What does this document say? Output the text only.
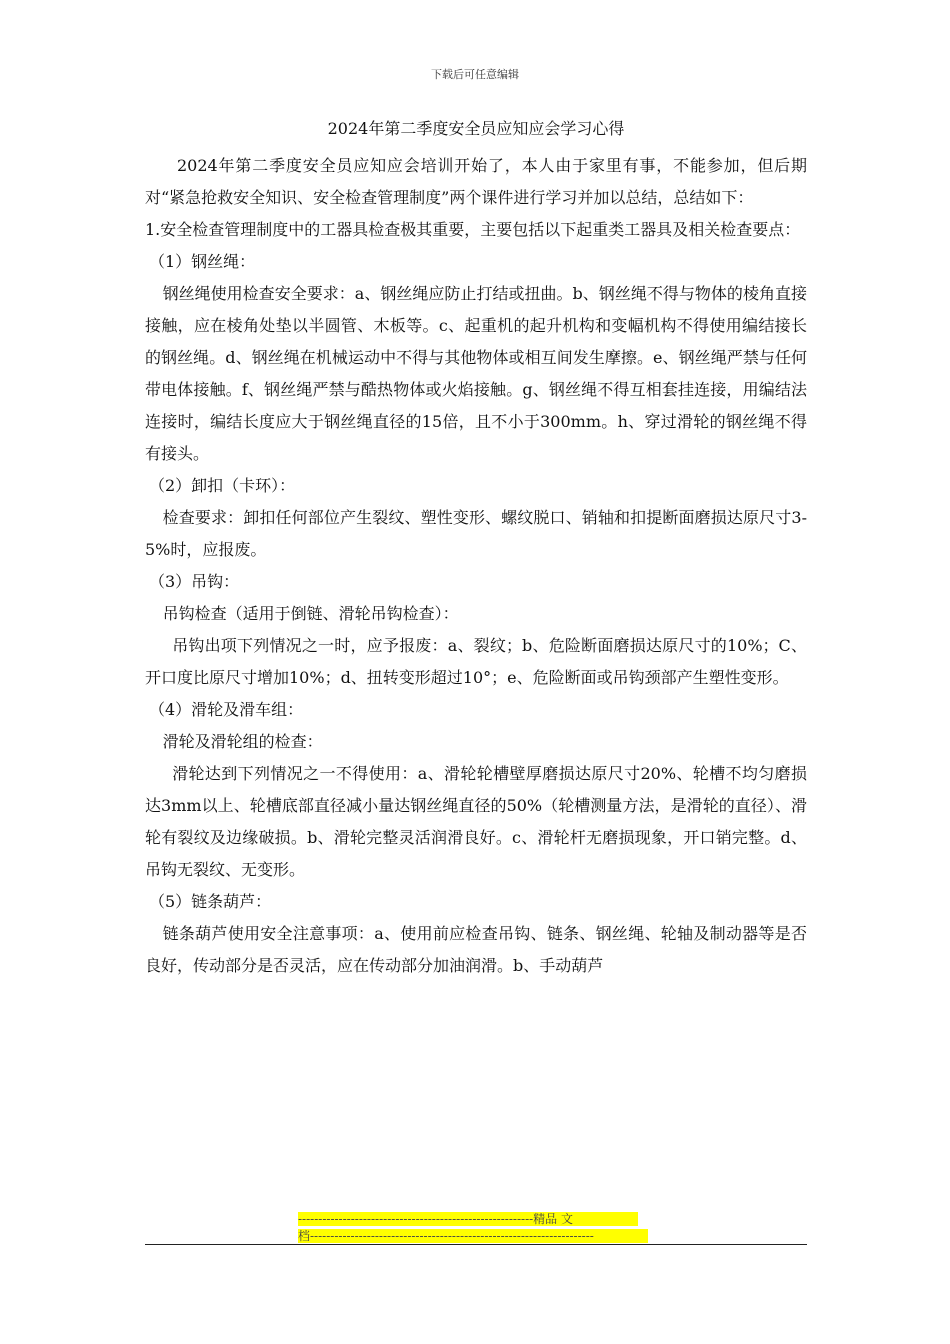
下载后可任意编辑

2024年第二季度安全员应知应会学习心得

2024年第二季度安全员应知应会培训开始了，本人由于家里有事，不能参加，但后期对“紧急抢救安全知识、安全检查管理制度”两个课件进行学习并加以总结，总结如下：

1.安全检查管理制度中的工器具检查极其重要，主要包括以下起重类工器具及相关检查要点：

（1）钢丝绳：

钢丝绳使用检查安全要求：a、钢丝绳应防止打结或扭曲。b、钢丝绳不得与物体的棱角直接接触，应在棱角处垫以半圆管、木板等。c、起重机的起升机构和变幅机构不得使用编结接长的钢丝绳。d、钢丝绳在机械运动中不得与其他物体或相互间发生摩擦。e、钢丝绳严禁与任何带电体接触。f、钢丝绳严禁与酷热物体或火焰接触。g、钢丝绳不得互相套挂连接，用编结法连接时，编结长度应大于钢丝绳直径的15倍，且不小于300mm。h、穿过滑轮的钢丝绳不得有接头。

（2）卸扣（卡环）：

检查要求：卸扣任何部位产生裂纹、塑性变形、螺纹脱口、销轴和扣提断面磨损达原尺寸3-5%时，应报废。

（3）吊钩：

吊钩检查（适用于倒链、滑轮吊钩检查）：

吊钩出项下列情况之一时，应予报废：a、裂纹；b、危险断面磨损达原尺寸的10%；C、开口度比原尺寸增加10%；d、扭转变形超过10°；e、危险断面或吊钩颈部产生塑性变形。

（4）滑轮及滑车组：

滑轮及滑轮组的检查：

滑轮达到下列情况之一不得使用：a、滑轮轮槽壁厚磨损达原尺寸20%、轮槽不均匀磨损达3mm以上、轮槽底部直径减小量达钢丝绳直径的50%（轮槽测量方法，是滑轮的直径）、滑轮有裂纹及边缘破损。b、滑轮完整灵活润滑良好。c、滑轮杆无磨损现象，开口销完整。d、吊钩无裂纹、无变形。

（5）链条葫芦：

链条葫芦使用安全注意事项：a、使用前应检查吊钩、链条、钢丝绳、轮轴及制动器等是否良好，传动部分是否灵活，应在传动部分加油润滑。b、手动葫芦

----------------------------------------------------------精品 文
档----------------------------------------------------------------------
